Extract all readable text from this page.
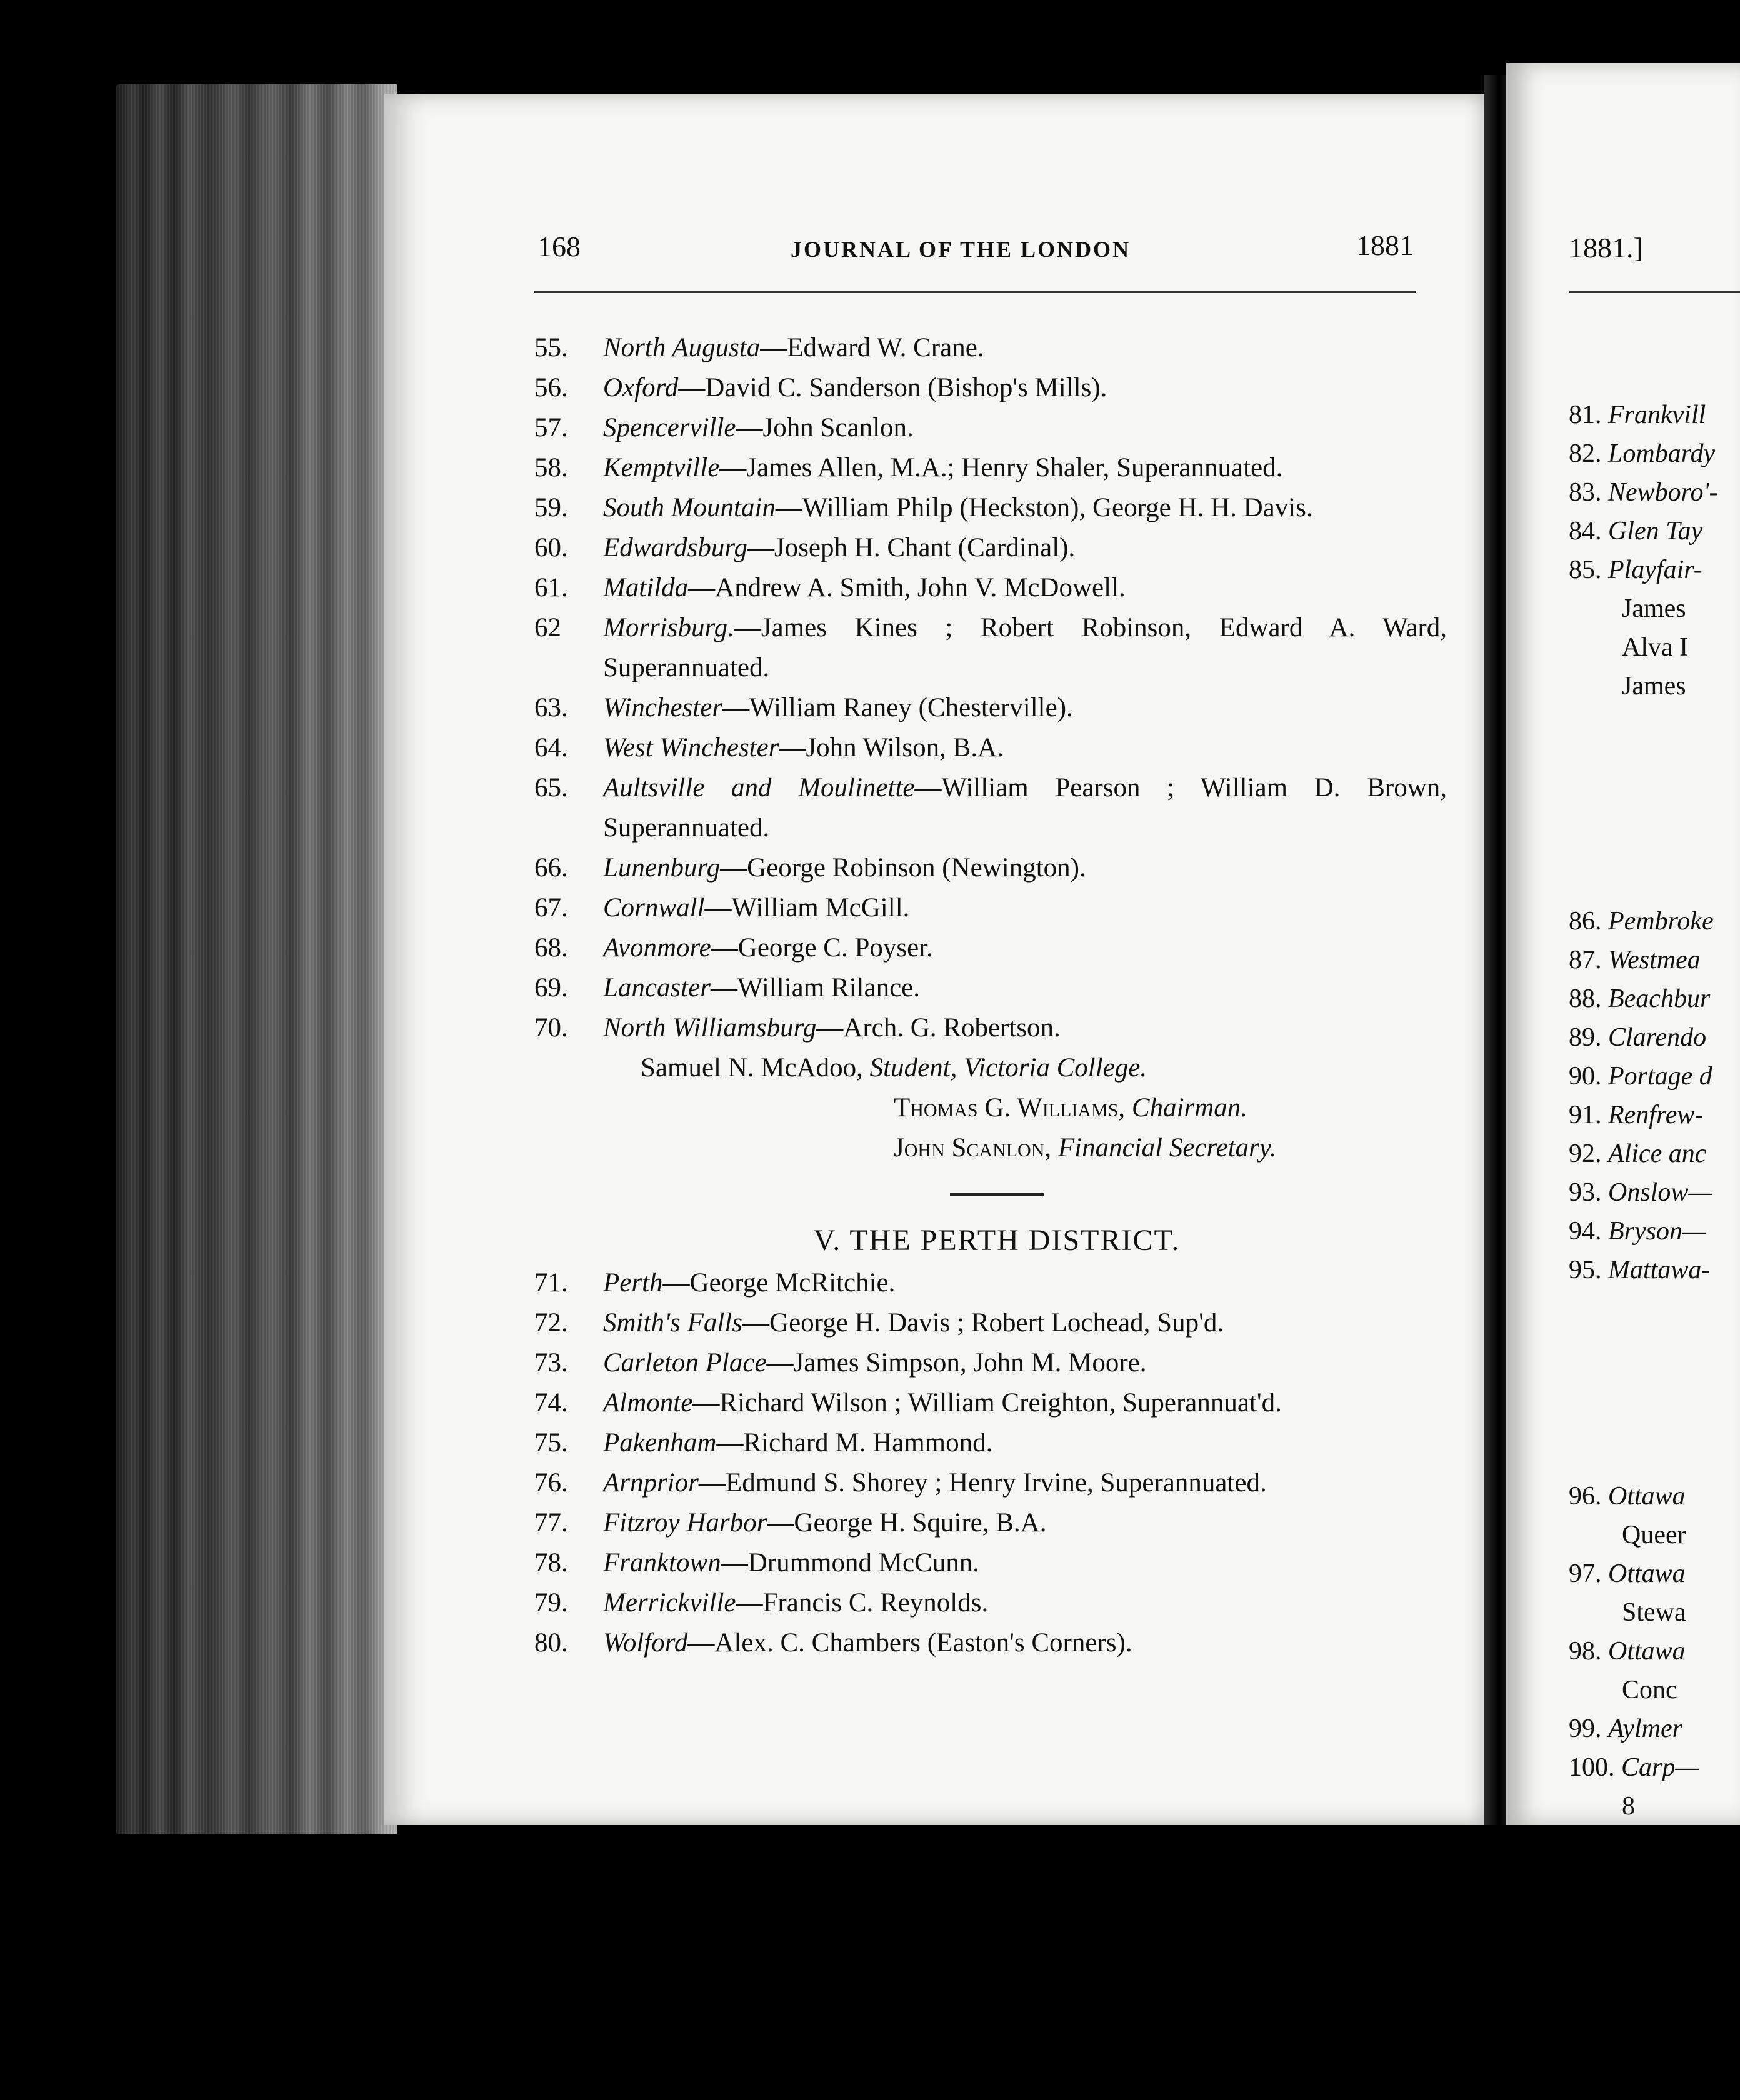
168	JOURNAL OF THE LONDON	1881
55. North Augusta—Edward W. Crane.
56. Oxford—David C. Sanderson (Bishop's Mills).
57. Spencerville—John Scanlon.
58. Kemptville—James Allen, M.A.; Henry Shaler, Superannuated.
59. South Mountain—William Philp (Heckston), George H. H. Davis.
60. Edwardsburg—Joseph H. Chant (Cardinal).
61. Matilda—Andrew A. Smith, John V. McDowell.
62 Morrisburg.—James Kines ; Robert Robinson, Edward A. Ward, Superannuated.
63. Winchester—William Raney (Chesterville).
64. West Winchester—John Wilson, B.A.
65. Aultsville and Moulinette—William Pearson ; William D. Brown, Superannuated.
66. Lunenburg—George Robinson (Newington).
67. Cornwall—William McGill.
68. Avonmore—George C. Poyser.
69. Lancaster—William Rilance.
70. North Williamsburg—Arch. G. Robertson.
Samuel N. McAdoo, Student, Victoria College.
Thomas G. Williams, Chairman.
John Scanlon, Financial Secretary.
V. THE PERTH DISTRICT.
71. Perth—George McRitchie.
72. Smith's Falls—George H. Davis ; Robert Lochead, Sup'd.
73. Carleton Place—James Simpson, John M. Moore.
74. Almonte—Richard Wilson ; William Creighton, Superannuat'd.
75. Pakenham—Richard M. Hammond.
76. Arnprior—Edmund S. Shorey ; Henry Irvine, Superannuated.
77. Fitzroy Harbor—George H. Squire, B.A.
78. Franktown—Drummond McCunn.
79. Merrickville—Francis C. Reynolds.
80. Wolford—Alex. C. Chambers (Easton's Corners).
1881.]
81. Frankvill
82. Lombardy
83. Newboro'-
84. Glen Tay
85. Playfair-
James
Alva I
James
86. Pembroke
87. Westmea
88. Beachbur
89. Clarendo
90. Portage d
91. Renfrew-
92. Alice anc
93. Onslow—
94. Bryson—
95. Mattawa-
96. Ottawa
Queer
97. Ottawa
Stewa
98. Ottawa
Conc
99. Aylmer
100. Carp—
8
